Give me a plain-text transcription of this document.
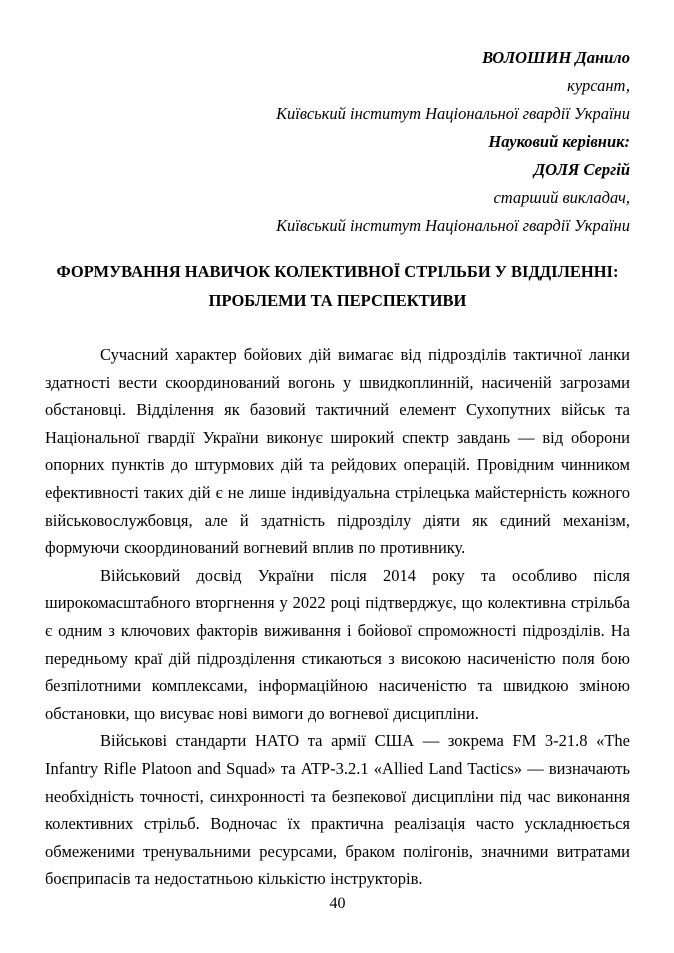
ВОЛОШИН Данило
курсант,
Київський інститут Національної гвардії України
Науковий керівник:
ДОЛЯ Сергій
старший викладач,
Київський інститут Національної гвардії України
ФОРМУВАННЯ НАВИЧОК КОЛЕКТИВНОЇ СТРІЛЬБИ У ВІДДІЛЕННІ: ПРОБЛЕМИ ТА ПЕРСПЕКТИВИ

Сучасний характер бойових дій вимагає від підрозділів тактичної ланки здатності вести скоординований вогонь у швидкоплинній, насиченій загрозами обстановці. Відділення як базовий тактичний елемент Сухопутних військ та Національної гвардії України виконує широкий спектр завдань — від оборони опорних пунктів до штурмових дій та рейдових операцій. Провідним чинником ефективності таких дій є не лише індивідуальна стрілецька майстерність кожного військовослужбовця, але й здатність підрозділу діяти як єдиний механізм, формуючи скоординований вогневий вплив по противнику.

Військовий досвід України після 2014 року та особливо після широкомасштабного вторгнення у 2022 році підтверджує, що колективна стрільба є одним з ключових факторів виживання і бойової спроможності підрозділів. На передньому краї дій підрозділення стикаються з високою насиченістю поля бою безпілотними комплексами, інформаційною насиченістю та швидкою зміною обстановки, що висуває нові вимоги до вогневої дисципліни.

Військові стандарти НАТО та армії США — зокрема FM 3-21.8 «The Infantry Rifle Platoon and Squad» та ATP-3.2.1 «Allied Land Tactics» — визначають необхідність точності, синхронності та безпекової дисципліни під час виконання колективних стрільб. Водночас їх практична реалізація часто ускладнюється обмеженими тренувальними ресурсами, браком полігонів, значними витратами боєприпасів та недостатньою кількістю інструкторів.

40
